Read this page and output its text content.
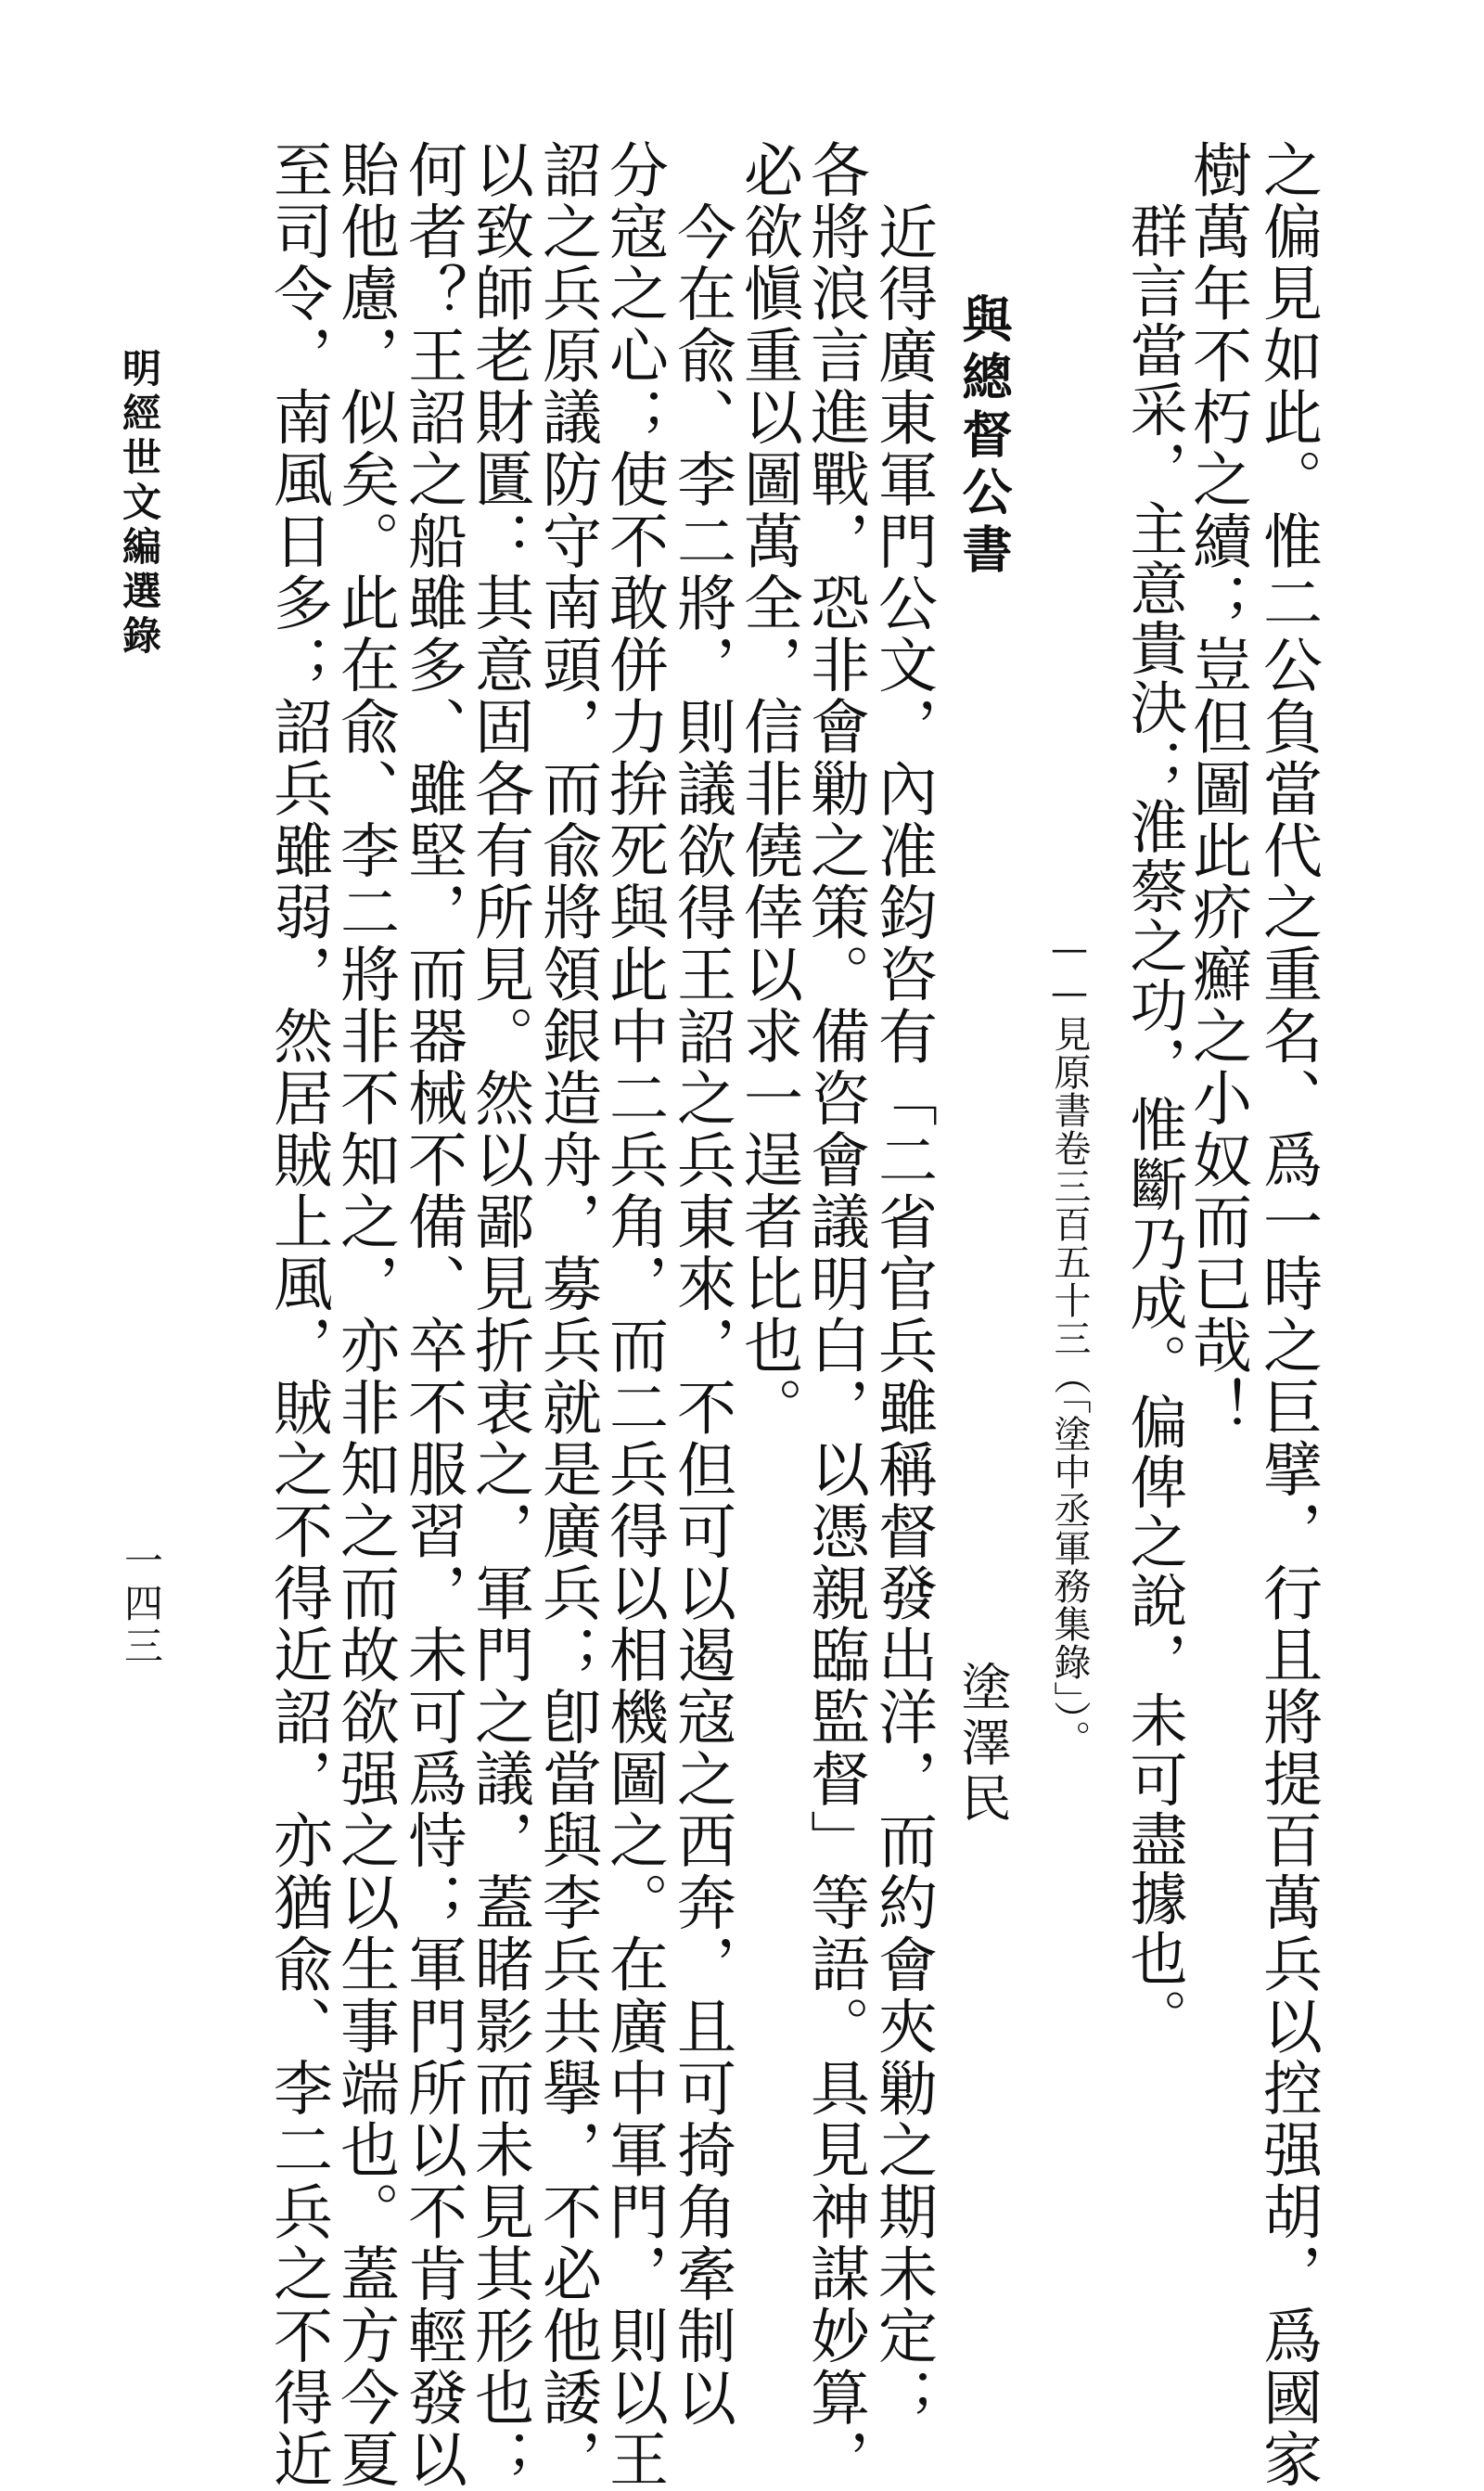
之偏見如此。惟二公負當代之重名、爲一時之巨擘，行且將提百萬兵以控强胡，爲國家
樹萬年不朽之續；豈但圖此疥癬之小奴而已哉！
群言當采，主意貴決；淮蔡之功，惟斷乃成。偏俾之說，未可盡據也。
——見原書卷三百五十三（「塗中丞軍務集錄」）。
與總督公書
塗澤民
近得廣東軍門公文，內准鈞咨有「二省官兵雖稱督發出洋，而約會夾勦之期未定；
各將浪言進戰，恐非會勦之策。備咨會議明白，以憑親臨監督」等語。具見神謀妙算，
必欲愼重以圖萬全，信非僥倖以求一逞者比也。
今在兪、李二將，則議欲得王詔之兵東來，不但可以遏寇之西奔，且可掎角牽制以
分寇之心；使不敢併力拚死與此中二兵角，而二兵得以相機圖之。在廣中軍門，則以王
詔之兵原議防守南頭，而兪將領銀造舟，募兵就是廣兵；卽當與李兵共擧，不必他諉，
以致師老財匱：其意固各有所見。然以鄙見折衷之，軍門之議，蓋睹影而未見其形也；
何者？王詔之船雖多、雖堅，而器械不備、卒不服習，未可爲恃；軍門所以不肯輕發以
貽他慮，似矣。此在兪、李二將非不知之，亦非知之而故欲强之以生事端也。蓋方今夏
至司令，南風日多；詔兵雖弱，然居賊上風，賊之不得近詔，亦猶兪、李二兵之不得近
明經世文編選錄
一四三
